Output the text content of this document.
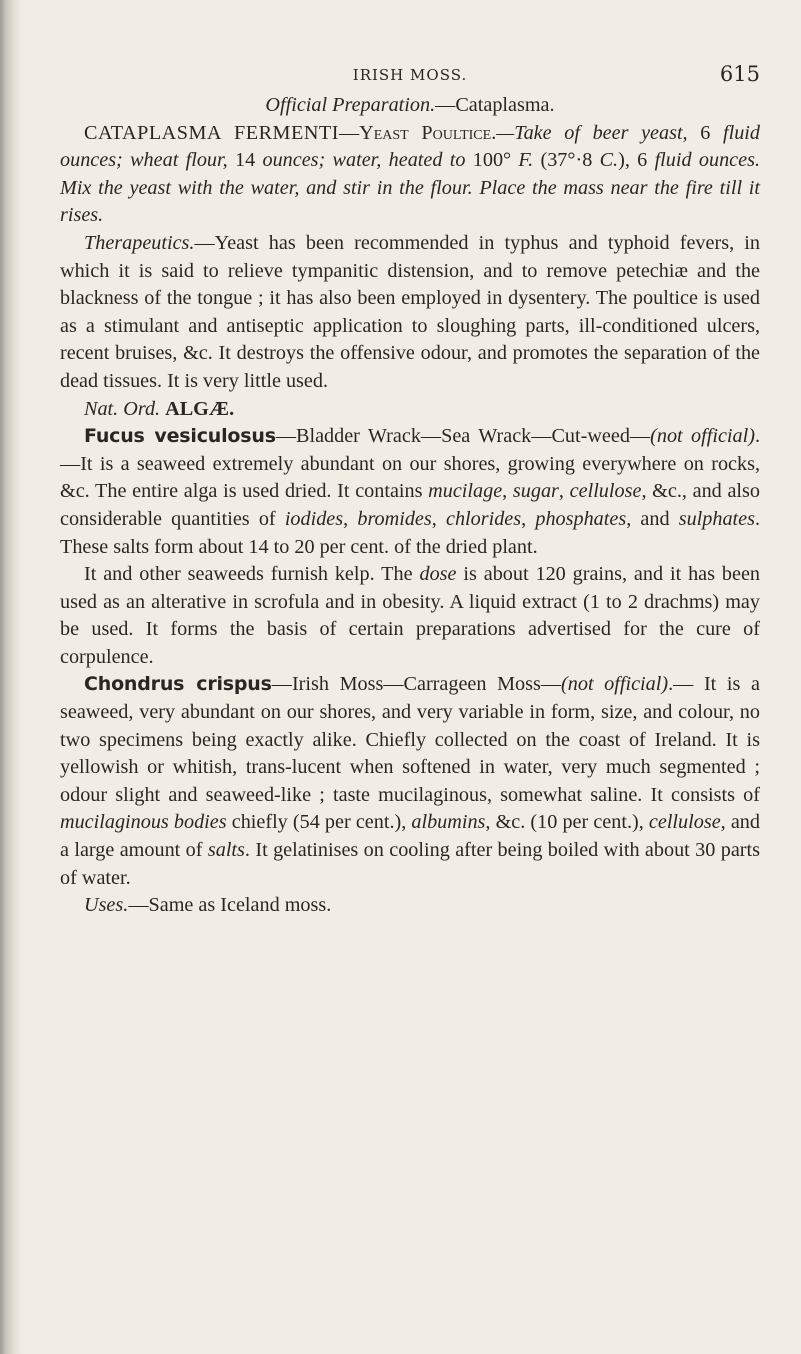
IRISH MOSS.	615

Official Preparation.—Cataplasma.

CATAPLASMA FERMENTI—Yeast Poultice.—Take of beer yeast, 6 fluid ounces; wheat flour, 14 ounces; water, heated to 100° F. (37°·8 C.), 6 fluid ounces. Mix the yeast with the water, and stir in the flour. Place the mass near the fire till it rises.

Therapeutics.—Yeast has been recommended in typhus and typhoid fevers, in which it is said to relieve tympanitic distension, and to remove petechiæ and the blackness of the tongue ; it has also been employed in dysentery. The poultice is used as a stimulant and antiseptic application to sloughing parts, ill-conditioned ulcers, recent bruises, &c. It destroys the offensive odour, and promotes the separation of the dead tissues. It is very little used.

Nat. Ord. ALGÆ.

Fucus vesiculosus—Bladder Wrack—Sea Wrack—Cut-weed—(not official).—It is a seaweed extremely abundant on our shores, growing everywhere on rocks, &c. The entire alga is used dried. It contains mucilage, sugar, cellulose, &c., and also considerable quantities of iodides, bromides, chlorides, phosphates, and sulphates. These salts form about 14 to 20 per cent. of the dried plant.

It and other seaweeds furnish kelp. The dose is about 120 grains, and it has been used as an alterative in scrofula and in obesity. A liquid extract (1 to 2 drachms) may be used. It forms the basis of certain preparations advertised for the cure of corpulence.

Chondrus crispus—Irish Moss—Carrageen Moss—(not official).— It is a seaweed, very abundant on our shores, and very variable in form, size, and colour, no two specimens being exactly alike. Chiefly collected on the coast of Ireland. It is yellowish or whitish, trans-lucent when softened in water, very much segmented ; odour slight and seaweed-like ; taste mucilaginous, somewhat saline. It consists of mucilaginous bodies chiefly (54 per cent.), albumins, &c. (10 per cent.), cellulose, and a large amount of salts. It gelatinises on cooling after being boiled with about 30 parts of water.

Uses.—Same as Iceland moss.
